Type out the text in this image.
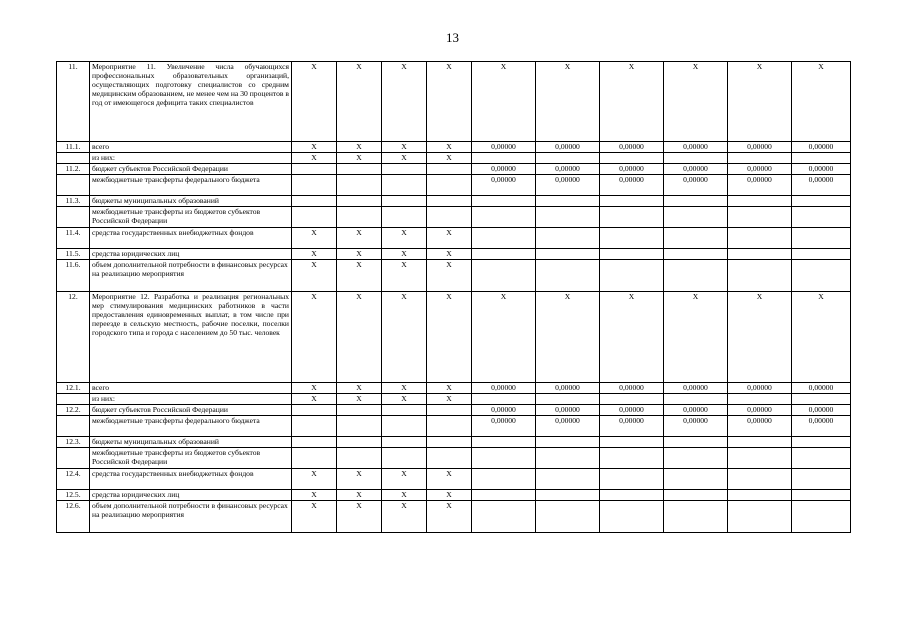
13
11.	Мероприятие 11. Увеличение числа обучающихся профессиональных образовательных организаций, осуществляющих подготовку специалистов со средним медицинским образованием, не менее чем на 30 процентов в год от имеющегося дефицита таких специалистов	X	X	X	X	X	X	X	X	X	X
11.1.	всего	X	X	X	X	0,00000	0,00000	0,00000	0,00000	0,00000	0,00000
	из них:	X	X	X	X						
11.2.	бюджет субъектов Российской Федерации					0,00000	0,00000	0,00000	0,00000	0,00000	0,00000
	межбюджетные трансферты федерального бюджета					0,00000	0,00000	0,00000	0,00000	0,00000	0,00000
11.3.	бюджеты муниципальных образований										
	межбюджетные трансферты из бюджетов субъектов Российской Федерации										
11.4.	средства государственных внебюджетных фондов	X	X	X	X						
11.5.	средства юридических лиц	X	X	X	X						
11.6.	объем дополнительной потребности в финансовых ресурсах на реализацию мероприятия	X	X	X	X						
12.	Мероприятие 12. Разработка и реализация региональных мер стимулирования медицинских работников в части предоставления единовременных выплат, в том числе при переезде в сельскую местность, рабочие поселки, поселки городского типа и города с населением до 50 тыс. человек	X	X	X	X	X	X	X	X	X	X
12.1.	всего	X	X	X	X	0,00000	0,00000	0,00000	0,00000	0,00000	0,00000
	из них:	X	X	X	X						
12.2.	бюджет субъектов Российской Федерации					0,00000	0,00000	0,00000	0,00000	0,00000	0,00000
	межбюджетные трансферты федерального бюджета					0,00000	0,00000	0,00000	0,00000	0,00000	0,00000
12.3.	бюджеты муниципальных образований										
	межбюджетные трансферты из бюджетов субъектов Российской Федерации										
12.4.	средства государственных внебюджетных фондов	X	X	X	X						
12.5.	средства юридических лиц	X	X	X	X						
12.6.	объем дополнительной потребности в финансовых ресурсах на реализацию мероприятия	X	X	X	X						
